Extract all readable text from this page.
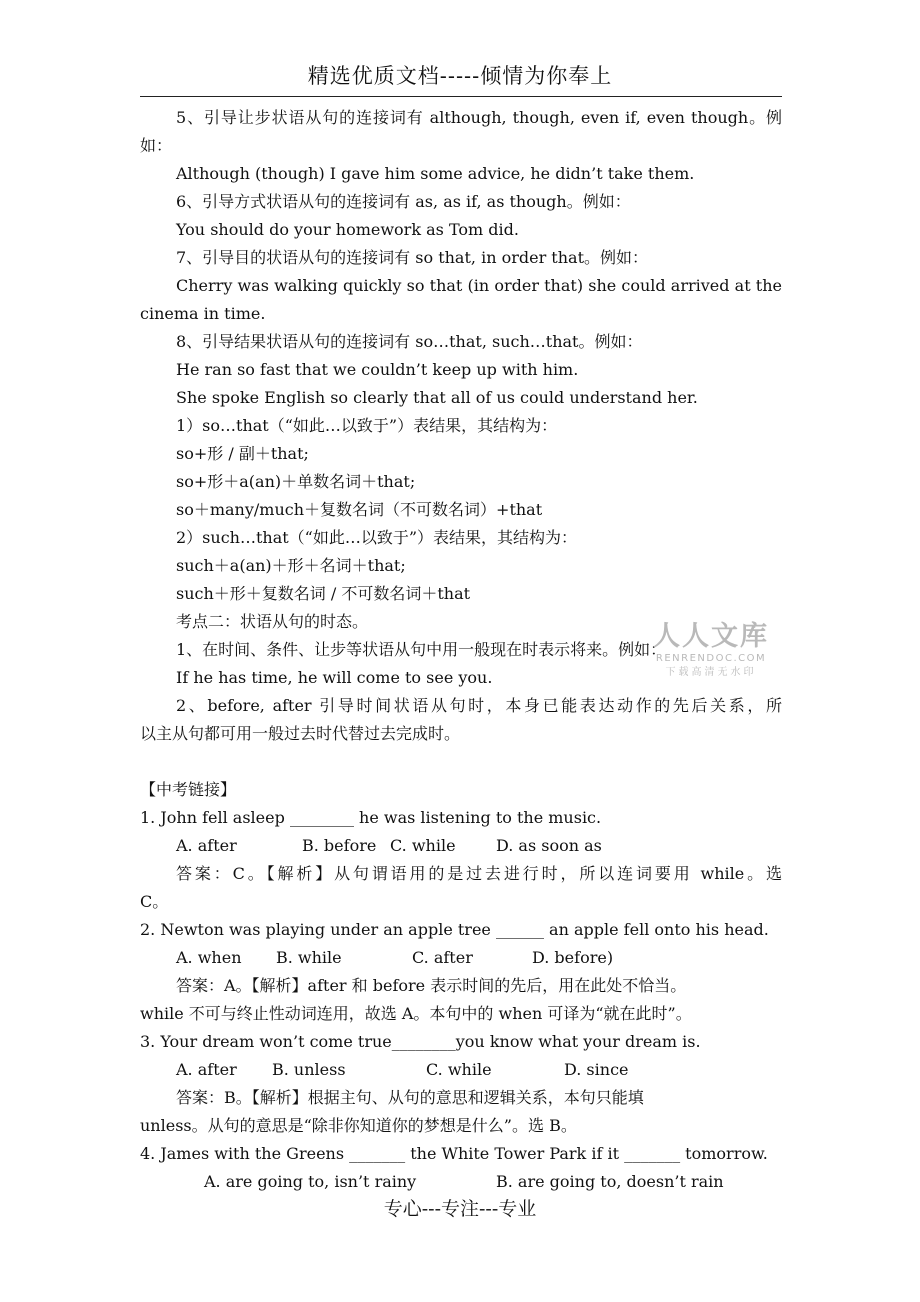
精选优质文档-----倾情为你奉上
5、引导让步状语从句的连接词有 although, though, even if, even though。例
如：
Although (though) I gave him some advice, he didn’t take them.
6、引导方式状语从句的连接词有 as, as if, as though。例如：
You should do your homework as Tom did.
7、引导目的状语从句的连接词有 so that, in order that。例如：
Cherry was walking quickly so that (in order that) she could arrived at the
cinema in time.
8、引导结果状语从句的连接词有 so…that, such…that。例如：
He ran so fast that we couldn’t keep up with him.
She spoke English so clearly that all of us could understand her.
1）so…that（“如此…以致于”）表结果，其结构为：
so+形 / 副＋that;
so+形＋a(an)＋单数名词＋that;
so＋many/much＋复数名词（不可数名词）+that
2）such…that（“如此…以致于”）表结果，其结构为：
such＋a(an)＋形＋名词＋that;
such＋形＋复数名词 / 不可数名词＋that
考点二：状语从句的时态。
1、在时间、条件、让步等状语从句中用一般现在时表示将来。例如：
If he has time, he will come to see you.
2、before, after 引导时间状语从句时，本身已能表达动作的先后关系，所
以主从句都可用一般过去时代替过去完成时。
【中考链接】
1. John fell asleep ________ he was listening to the music.
A. after	B. before C. while	D. as soon as
答案：C。【解析】从句谓语用的是过去进行时，所以连词要用 while。选
C。
2. Newton was playing under an apple tree ______ an apple fell onto his head.
A. when	B. while	C. after	D. before)
答案：A。【解析】after 和 before 表示时间的先后，用在此处不恰当。
while 不可与终止性动词连用，故选 A。本句中的 when 可译为“就在此时”。
3. Your dream won’t come true________you know what your dream is.
A. after	B. unless	C. while	D. since
答案：B。【解析】根据主句、从句的意思和逻辑关系，本句只能填
unless。从句的意思是“除非你知道你的梦想是什么”。选 B。
4. James with the Greens _______ the White Tower Park if it _______ tomorrow.
A. are going to, isn’t rainy	B. are going to, doesn’t rain
人人文库
RENRENDOC.COM
下载高清无水印
专心---专注---专业
